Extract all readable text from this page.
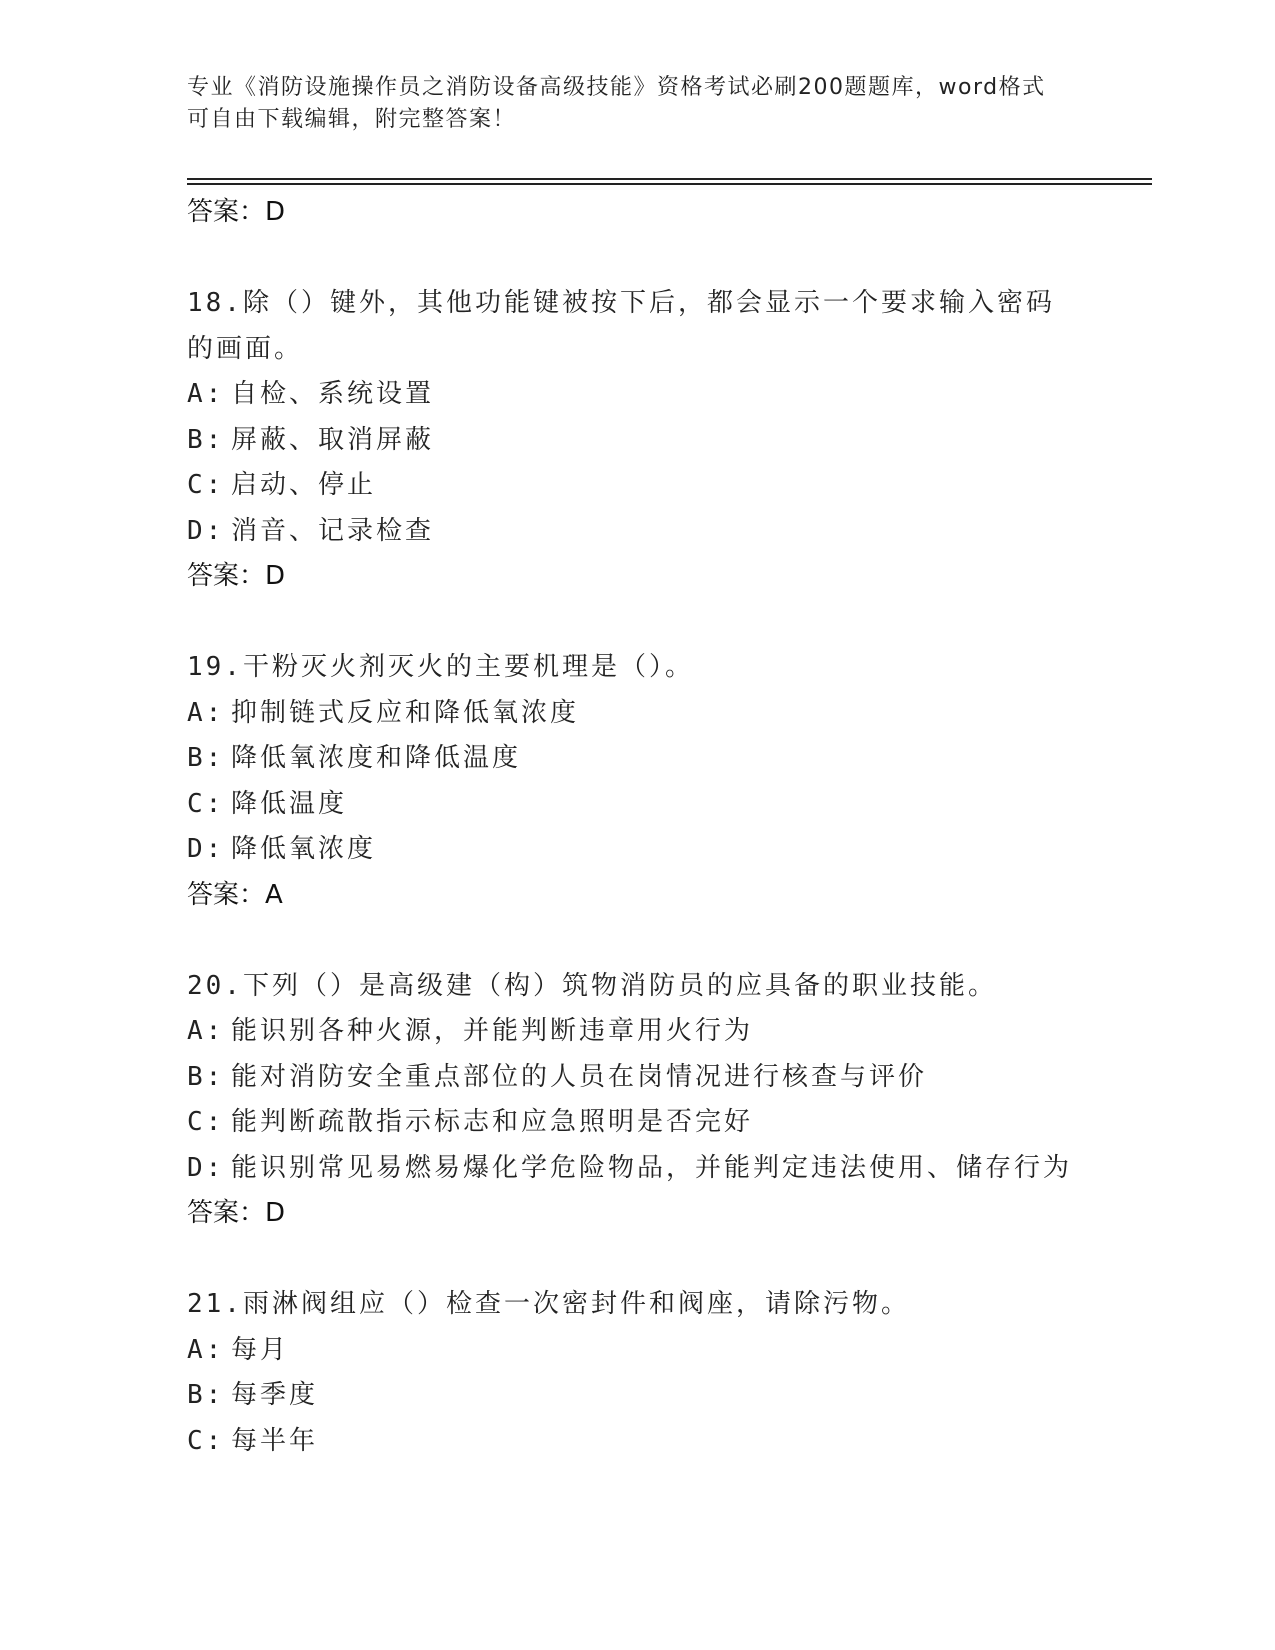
专业《消防设施操作员之消防设备高级技能》资格考试必刷200题题库，word格式可自由下载编辑，附完整答案！
答案：D
18.除（）键外，其他功能键被按下后，都会显示一个要求输入密码的画面。
A: 自检、系统设置
B: 屏蔽、取消屏蔽
C: 启动、停止
D: 消音、记录检查
答案：D
19.干粉灭火剂灭火的主要机理是（）。
A: 抑制链式反应和降低氧浓度
B: 降低氧浓度和降低温度
C: 降低温度
D: 降低氧浓度
答案：A
20.下列（）是高级建（构）筑物消防员的应具备的职业技能。
A: 能识别各种火源，并能判断违章用火行为
B: 能对消防安全重点部位的人员在岗情况进行核查与评价
C: 能判断疏散指示标志和应急照明是否完好
D: 能识别常见易燃易爆化学危险物品，并能判定违法使用、储存行为
答案：D
21.雨淋阀组应（）检查一次密封件和阀座，请除污物。
A: 每月
B: 每季度
C: 每半年
